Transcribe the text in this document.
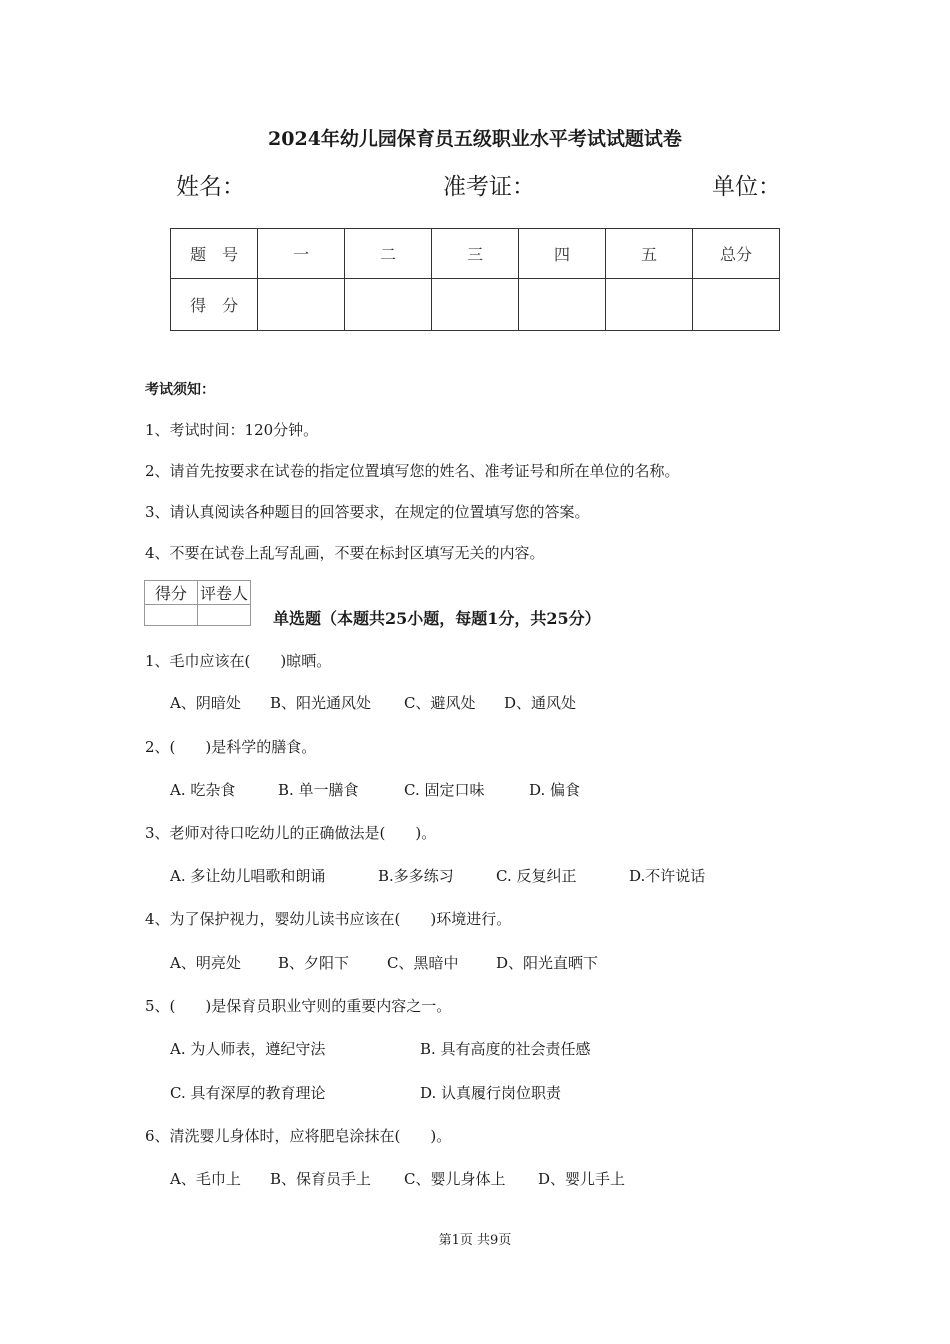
2024年幼儿园保育员五级职业水平考试试题试卷
姓名：	准考证：	单位：
题　号	一	二	三	四	五	总分
得　分						
考试须知：
1、考试时间：120分钟。
2、请首先按要求在试卷的指定位置填写您的姓名、准考证号和所在单位的名称。
3、请认真阅读各种题目的回答要求，在规定的位置填写您的答案。
4、不要在试卷上乱写乱画，不要在标封区填写无关的内容。
得分	评卷人

单选题（本题共25小题，每题1分，共25分）
1、毛巾应该在(　　)晾晒。
A、阴暗处 B、阳光通风处 C、避风处 D、通风处
2、(　　)是科学的膳食。
A. 吃杂食	B. 单一膳食	C. 固定口味	D. 偏食
3、老师对待口吃幼儿的正确做法是(　　)。
A. 多让幼儿唱歌和朗诵	B.多多练习	C. 反复纠正	D.不许说话
4、为了保护视力，婴幼儿读书应该在(　　)环境进行。
A、明亮处 B、夕阳下	C、黑暗中	D、阳光直晒下
5、(　　)是保育员职业守则的重要内容之一。
A. 为人师表，遵纪守法	B. 具有高度的社会责任感
C. 具有深厚的教育理论	D. 认真履行岗位职责
6、清洗婴儿身体时，应将肥皂涂抹在(　　)。
A、毛巾上 B、保育员手上 C、婴儿身体上 D、婴儿手上
第1页 共9页
